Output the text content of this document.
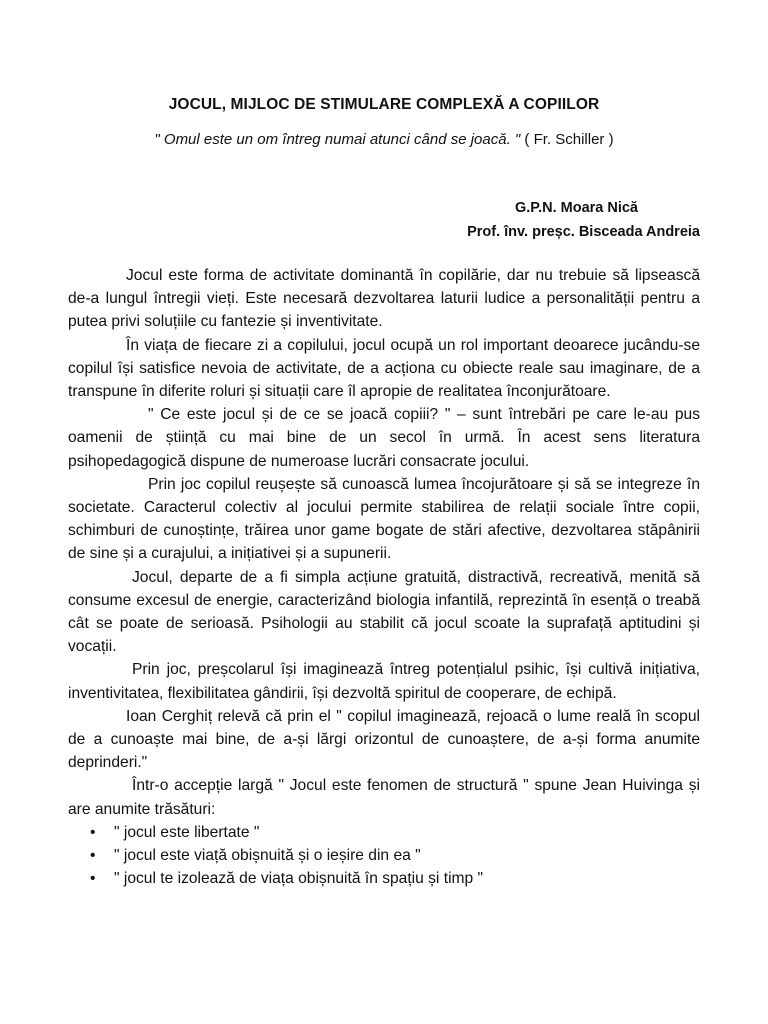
JOCUL, MIJLOC DE STIMULARE COMPLEXĂ A COPIILOR
" Omul este un om întreg numai atunci când se joacă. " ( Fr. Schiller )
G.P.N. Moara Nică
Prof. înv. preșc. Bisceada Andreia

Jocul este forma de activitate dominantă în copilărie, dar nu trebuie să lipsească de-a lungul întregii vieți. Este necesară dezvoltarea laturii ludice a personalității pentru a putea privi soluțiile cu fantezie și inventivitate.

În viața de fiecare zi a copilului, jocul ocupă un rol important deoarece jucându-se copilul își satisfice nevoia de activitate, de a acționa cu obiecte reale sau imaginare, de a transpune în diferite roluri și situații care îl apropie de realitatea înconjurătoare.

" Ce este jocul și de ce se joacă copiii? " – sunt întrebări pe care le-au pus oamenii de știință cu mai bine de un secol în urmă. În acest sens literatura psihopedagogică dispune de numeroase lucrări consacrate jocului.

Prin joc copilul reușește să cunoască lumea încojurătoare și să se integreze în societate. Caracterul colectiv al jocului permite stabilirea de relații sociale între copii, schimburi de cunoștințe, trăirea unor game bogate de stări afective, dezvoltarea stăpânirii de sine și a curajului, a inițiativei și a supunerii.

Jocul, departe de a fi simpla acțiune gratuită, distractivă, recreativă, menită să consume excesul de energie, caracterizând biologia infantilă, reprezintă în esență o treabă cât se poate de serioasă. Psihologii au stabilit că jocul scoate la suprafață aptitudini și vocații.

Prin joc, preșcolarul își imaginează întreg potențialul psihic, își cultivă inițiativa, inventivitatea, flexibilitatea gândirii, își dezvoltă spiritul de cooperare, de echipă.

Ioan Cerghiț relevă că prin el " copilul imaginează, rejoacă o lume reală în scopul de a cunoaște mai bine, de a-și lărgi orizontul de cunoaștere, de a-și forma anumite deprinderi."

Într-o accepție largă " Jocul este fenomen de structură " spune Jean Huivinga și are anumite trăsături:

• " jocul este libertate "
• " jocul este viață obișnuită și o ieșire din ea "
• " jocul te izolează de viața obișnuită în spațiu și timp "
